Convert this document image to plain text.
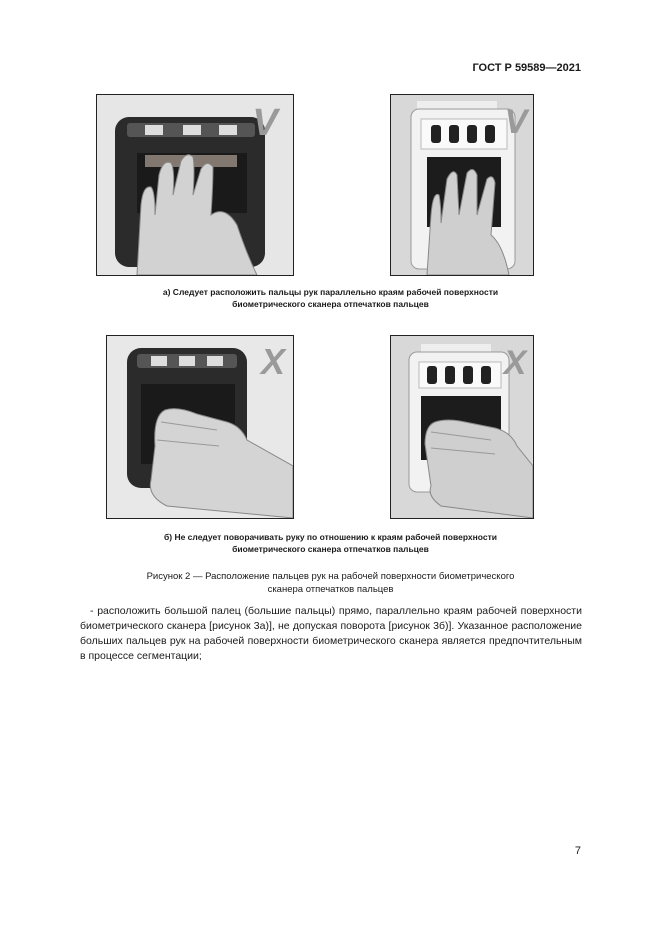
ГОСТ Р 59589—2021
V	V
а) Следует расположить пальцы рук параллельно краям рабочей поверхности
биометрического сканера отпечатков пальцев
X	X
б) Не следует поворачивать руку по отношению к краям рабочей поверхности
биометрического сканера отпечатков пальцев
Рисунок 2 — Расположение пальцев рук на рабочей поверхности биометрического
сканера отпечатков пальцев
- расположить большой палец (большие пальцы) прямо, параллельно краям рабочей поверхности биометрического сканера [рисунок 3а)], не допуская поворота [рисунок 3б)]. Указанное расположение больших пальцев рук на рабочей поверхности биометрического сканера является предпочтительным в процессе сегментации;
7
